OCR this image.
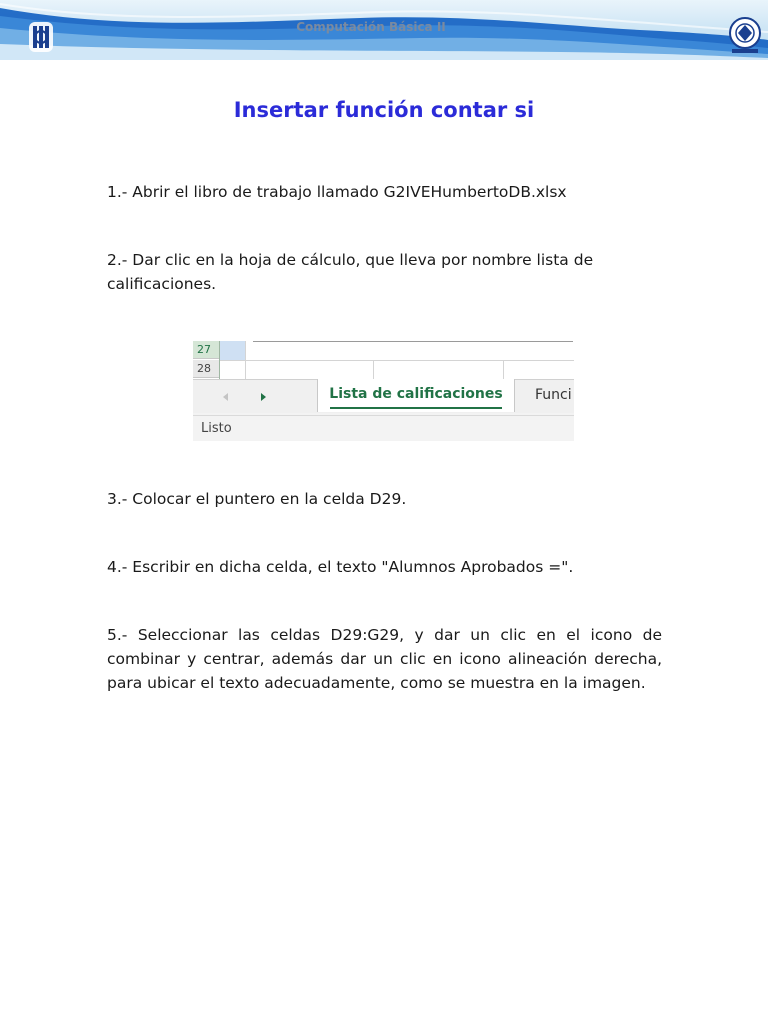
Computación Básica II
Insertar función contar si

1.- Abrir el libro de trabajo llamado G2IVEHumbertoDB.xlsx

2.- Dar clic en la hoja de cálculo, que lleva por nombre lista de calificaciones.

27
28
Lista de calificaciones	Funci
Listo

3.- Colocar el puntero en la celda D29.

4.- Escribir en dicha celda, el texto "Alumnos Aprobados =".

5.- Seleccionar las celdas D29:G29, y dar un clic en el icono de combinar y centrar, además dar un clic en icono alineación derecha, para ubicar el texto adecuadamente, como se muestra en la imagen.
